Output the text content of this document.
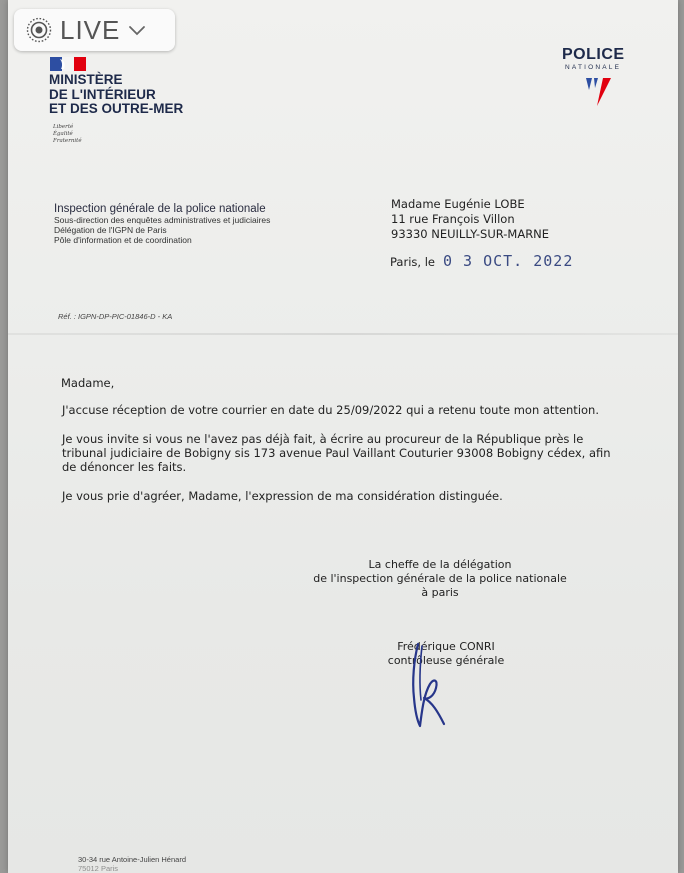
MINISTÈRE
DE L'INTÉRIEUR
ET DES OUTRE-MER
Liberté
Égalité
Fraternité
POLICE
NATIONALE
Inspection générale de la police nationale
Sous-direction des enquêtes administratives et judiciaires
Délégation de l'IGPN de Paris
Pôle d'information et de coordination
Madame Eugénie LOBE
11 rue François Villon
93330 NEUILLY-SUR-MARNE
Paris, le 0 3 OCT. 2022
Réf. : IGPN-DP-PIC-01846-D - KA
Madame,
J'accuse réception de votre courrier en date du 25/09/2022 qui a retenu toute mon attention.
Je vous invite si vous ne l'avez pas déjà fait, à écrire au procureur de la République près le tribunal judiciaire de Bobigny sis 173 avenue Paul Vaillant Couturier 93008 Bobigny cédex, afin de dénoncer les faits.
Je vous prie d'agréer, Madame, l'expression de ma considération distinguée.
La cheffe de la délégation
de l'inspection générale de la police nationale
à paris
Frédérique CONRI
contrôleuse générale
30-34 rue Antoine-Julien Hénard
75012 Paris
LIVE
